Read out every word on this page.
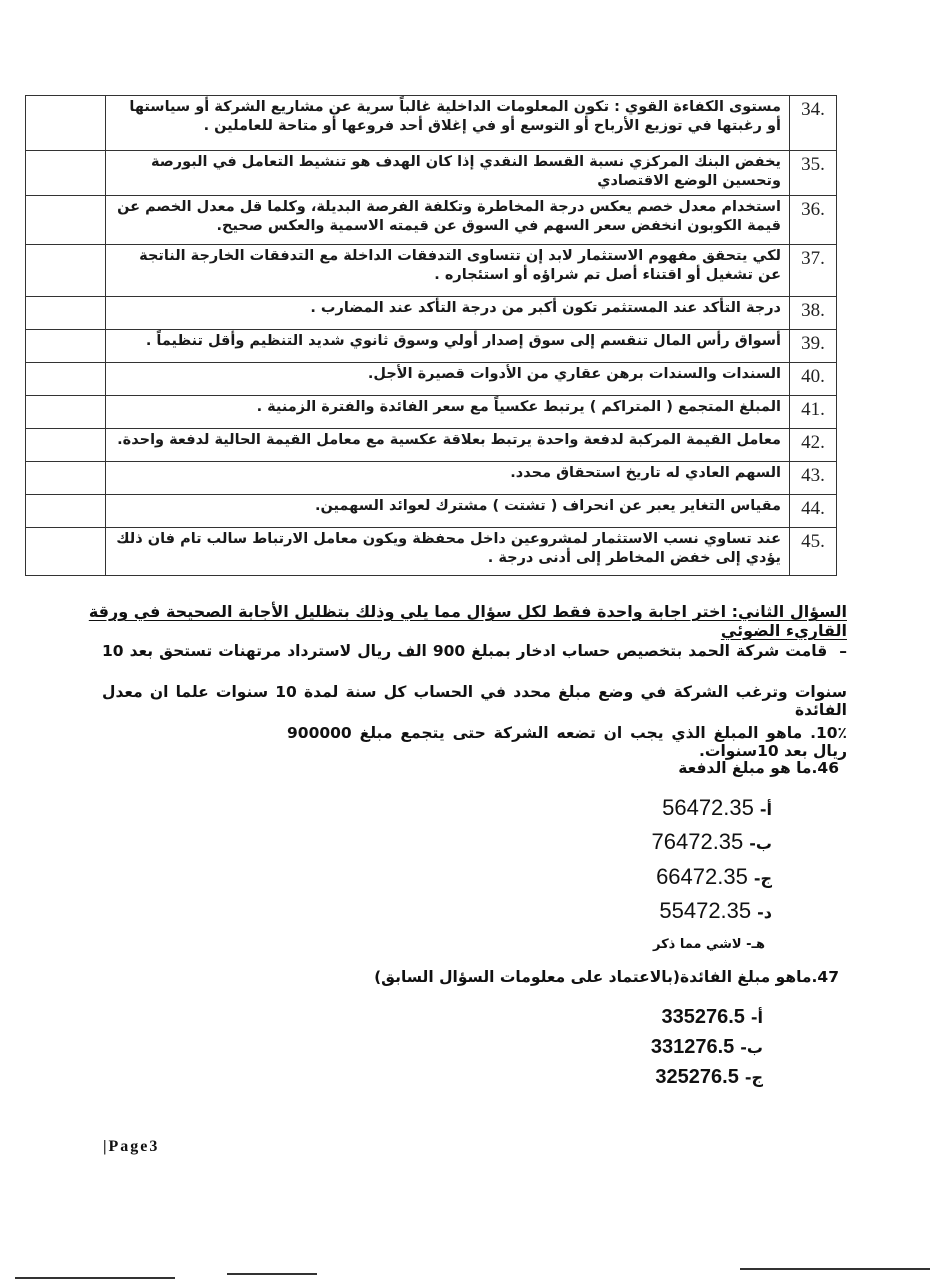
	مستوى الكفاءة القوي : تكون المعلومات الداخلية غالباً سرية عن مشاريع الشركة أو سياستها أو رغبتها في توزيع الأرباح أو التوسع أو في إغلاق أحد فروعها أو متاحة للعاملين .	34.
	يخفض البنك المركزي نسبة القسط النقدي إذا كان الهدف هو تنشيط التعامل في البورصة وتحسين الوضع الاقتصادي	35.
	استخدام معدل خصم يعكس درجة المخاطرة وتكلفة الفرصة البديلة، وكلما قل معدل الخصم عن قيمة الكوبون انخفض سعر السهم في السوق عن قيمته الاسمية والعكس صحيح.	36.
	لكي يتحقق مفهوم الاستثمار لابد إن تتساوى التدفقات الداخلة مع التدفقات الخارجة الناتجة عن تشغيل أو اقتناء أصل تم شراؤه أو استئجاره .	37.
	درجة التأكد عند المستثمر تكون أكبر من درجة التأكد عند المضارب .	38.
	أسواق رأس المال تنقسم إلى سوق إصدار أولي وسوق ثانوي شديد التنظيم وأقل تنظيماً .	39.
	السندات والسندات برهن عقاري من الأدوات قصيرة الأجل.	40.
	المبلغ المتجمع ( المتراكم ) يرتبط عكسياً مع سعر الفائدة والفترة الزمنية .	41.
	معامل القيمة المركبة لدفعة واحدة يرتبط بعلاقة عكسية مع معامل القيمة الحالية لدفعة واحدة.	42.
	السهم العادي له تاريخ استحقاق محدد.	43.
	مقياس التغاير يعبر عن انحراف ( تشتت ) مشترك لعوائد السهمين.	44.
	عند تساوي نسب الاستثمار لمشروعين داخل محفظة ويكون معامل الارتباط سالب تام فان ذلك يؤدي إلى خفض المخاطر إلى أدنى درجة .	45.
السؤال الثاني: اختر اجابة واحدة فقط لكل سؤال مما يلي وذلك بتظليل الأجابة الصحيحة في ورقة القاريء الضوئي
–قامت شركة الحمد بتخصيص حساب ادخار بمبلغ 900 الف ريال لاسترداد مرتهنات تستحق بعد 10
سنوات وترغب الشركة في وضع مبلغ محدد في الحساب كل سنة لمدة 10 سنوات علما ان معدل الفائدة
10٪. ماهو المبلغ الذي يجب ان تضعه الشركة حتى يتجمع مبلغ 900000 ريال بعد 10سنوات.
46.ما هو مبلغ الدفعة
أ-56472.35
ب-76472.35
ج-66472.35
د-55472.35
هـ- لاشي مما ذكر
47.ماهو مبلغ الفائدة(بالاعتماد على معلومات السؤال السابق)
أ-335276.5
ب-331276.5
ج-325276.5
|Page3
